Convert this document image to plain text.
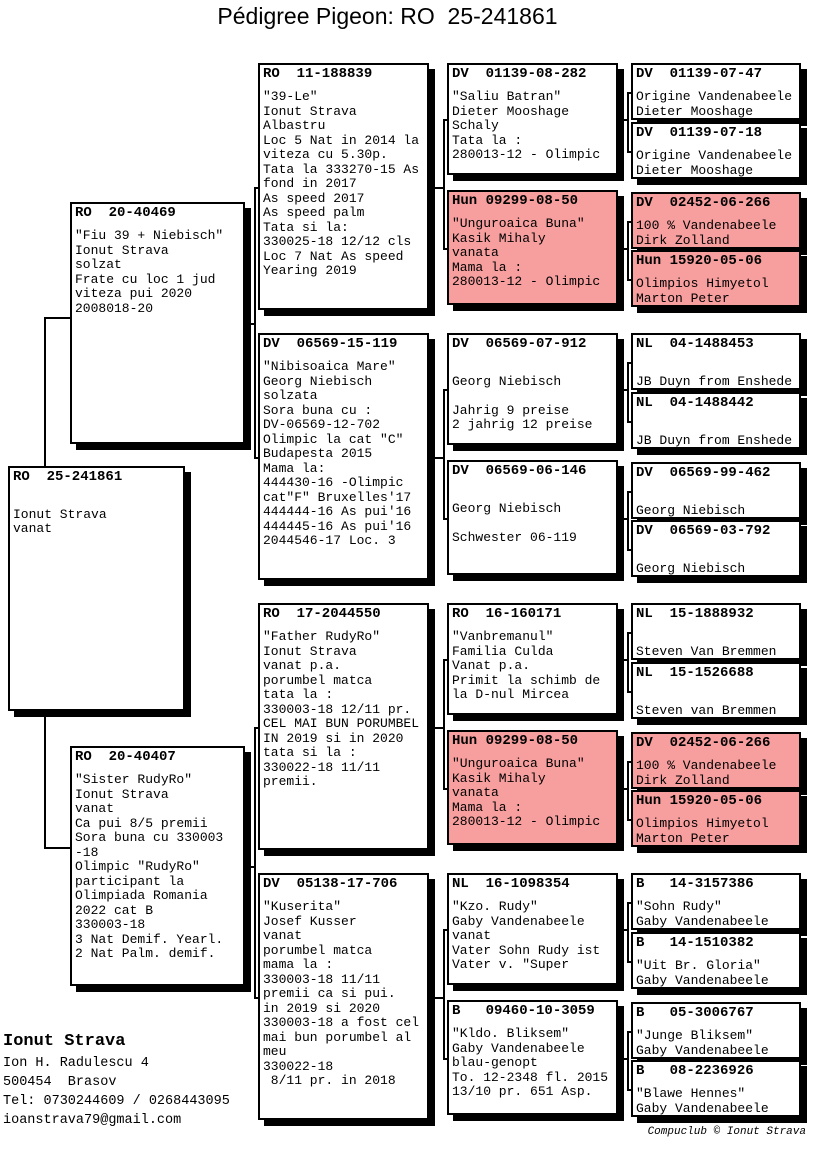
Pédigree Pigeon: RO  25-241861
RO  25-241861
Ionut Strava
vanat
RO  20-40469
"Fiu 39 + Niebisch"
Ionut Strava
solzat
Frate cu loc 1 jud
viteza pui 2020
2008018-20
RO  20-40407
"Sister RudyRo"
Ionut Strava
vanat
Ca pui 8/5 premii
Sora buna cu 330003
-18
Olimpic "RudyRo"
participant la
Olimpiada Romania
2022 cat B
330003-18
3 Nat Demif. Yearl.
2 Nat Palm. demif.
RO  11-188839
"39-Le"
Ionut Strava
Albastru
Loc 5 Nat in 2014 la
viteza cu 5.30p.
Tata la 333270-15 As
fond in 2017
As speed 2017
As speed palm
Tata si la:
330025-18 12/12 cls
Loc 7 Nat As speed
Yearing 2019
DV  06569-15-119
"Nibisoaica Mare"
Georg Niebisch
solzata
Sora buna cu :
DV-06569-12-702
Olimpic la cat "C"
Budapesta 2015
Mama la:
444430-16 -Olimpic
cat"F" Bruxelles'17
444444-16 As pui'16
444445-16 As pui'16
2044546-17 Loc. 3
RO  17-2044550
"Father RudyRo"
Ionut Strava
vanat p.a.
porumbel matca
tata la :
330003-18 12/11 pr.
CEL MAI BUN PORUMBEL
IN 2019 si in 2020
tata si la :
330022-18 11/11
premii.
DV  05138-17-706
"Kuserita"
Josef Kusser
vanat
porumbel matca
mama la :
330003-18 11/11
premii ca si pui.
in 2019 si 2020
330003-18 a fost cel
mai bun porumbel al
meu
330022-18
8/11 pr. in 2018
DV  01139-08-282
"Saliu Batran"
Dieter Mooshage
Schaly
Tata la :
280013-12 - Olimpic
Hun 09299-08-50
"Unguroaica Buna"
Kasik Mihaly
vanata
Mama la :
280013-12 - Olimpic
DV  06569-07-912
Georg Niebisch
Jahrig 9 preise
2 jahrig 12 preise
DV  06569-06-146
Georg Niebisch
Schwester 06-119
RO  16-160171
"Vanbremanul"
Familia Culda
Vanat p.a.
Primit la schimb de
la D-nul Mircea
Hun 09299-08-50
"Unguroaica Buna"
Kasik Mihaly
vanata
Mama la :
280013-12 - Olimpic
NL  16-1098354
"Kzo. Rudy"
Gaby Vandenabeele
vanat
Vater Sohn Rudy ist
Vater v. "Super
B   09460-10-3059
"Kldo. Bliksem"
Gaby Vandenabeele
blau-genopt
To. 12-2348 fl. 2015
13/10 pr. 651 Asp.
DV  01139-07-47
Origine Vandenabeele
Dieter Mooshage
DV  01139-07-18
Origine Vandenabeele
Dieter Mooshage
DV  02452-06-266
100 % Vandenabeele
Dirk Zolland
Hun 15920-05-06
Olimpios Himyetol
Marton Peter
NL  04-1488453
JB Duyn from Enshede
NL  04-1488442
JB Duyn from Enshede
DV  06569-99-462
Georg Niebisch
DV  06569-03-792
Georg Niebisch
NL  15-1888932
Steven Van Bremmen
NL  15-1526688
Steven van Bremmen
DV  02452-06-266
100 % Vandenabeele
Dirk Zolland
Hun 15920-05-06
Olimpios Himyetol
Marton Peter
B   14-3157386
"Sohn Rudy"
Gaby Vandenabeele
B   14-1510382
"Uit Br. Gloria"
Gaby Vandenabeele
B   05-3006767
"Junge Bliksem"
Gaby Vandenabeele
B   08-2236926
"Blawe Hennes"
Gaby Vandenabeele
Ionut Strava
Ion H. Radulescu 4
500454  Brasov
Tel: 0730244609 / 0268443095
ioanstrava79@gmail.com
Compuclub © Ionut Strava
